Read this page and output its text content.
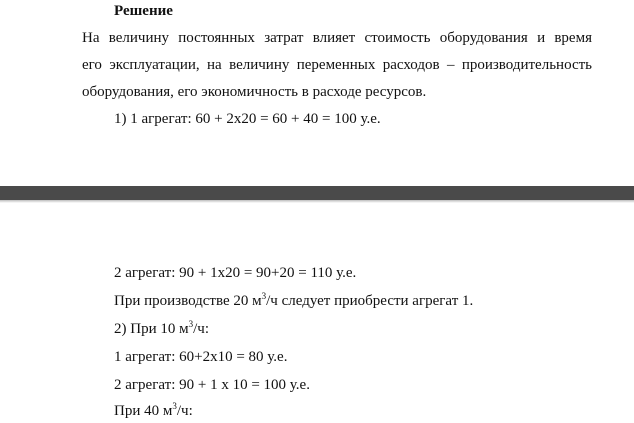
Решение
На величину постоянных затрат влияет стоимость оборудования и время
его эксплуатации, на величину переменных расходов – производительность
оборудования, его экономичность в расходе ресурсов.
1) 1 агрегат: 60 + 2х20 = 60 + 40 = 100 у.е.
2 агрегат: 90 + 1х20 = 90+20 = 110 у.е.
При производстве 20 $м^3/ч$ следует приобрести агрегат 1.
2) При 10 $м^3/ч$:
1 агрегат: 60+2х10 = 80 у.е.
2 агрегат: 90 + 1 х 10 = 100 у.е.
При 40 $м^3/ч$:
